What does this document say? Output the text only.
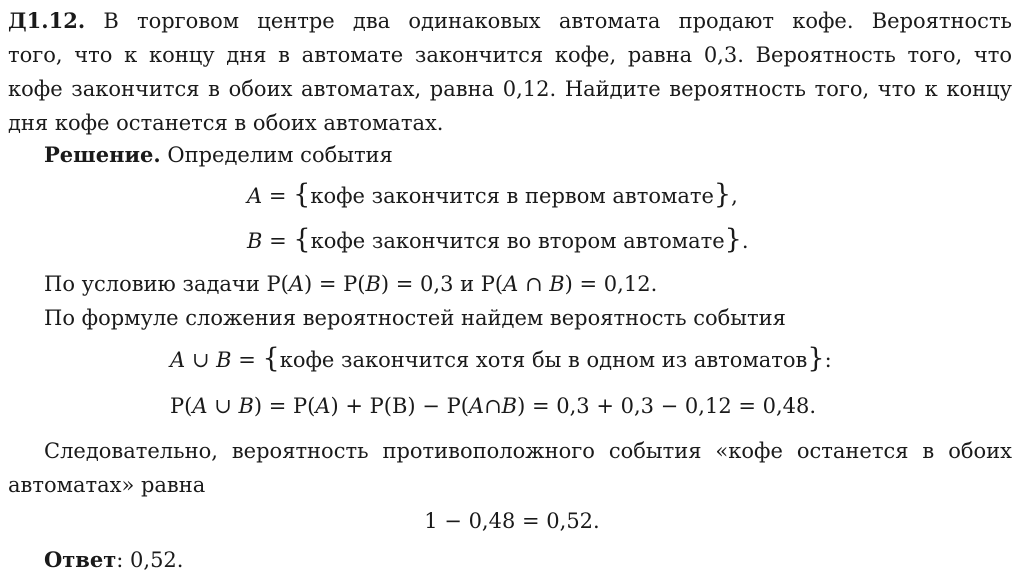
Д1.12. В торговом центре два одинаковых автомата продают кофе. Вероятность
того, что к концу дня в автомате закончится кофе, равна 0,3. Вероятность того, что
кофе закончится в обоих автоматах, равна 0,12. Найдите вероятность того, что к концу
дня кофе останется в обоих автоматах.
Решение. Определим события
A = {кофе закончится в первом автомате},
B = {кофе закончится во втором автомате}.
По условию задачи P(A) = P(B) = 0,3 и P(A ∩ B) = 0,12.
По формуле сложения вероятностей найдем вероятность события
A ∪ B = {кофе закончится хотя бы в одном из автоматов}:
P(A ∪ B) = P(A) + P(B) − P(A∩B) = 0,3 + 0,3 − 0,12 = 0,48.
Следовательно, вероятность противоположного события «кофе останется в обоих
автоматах» равна
1 − 0,48 = 0,52.
Ответ: 0,52.
